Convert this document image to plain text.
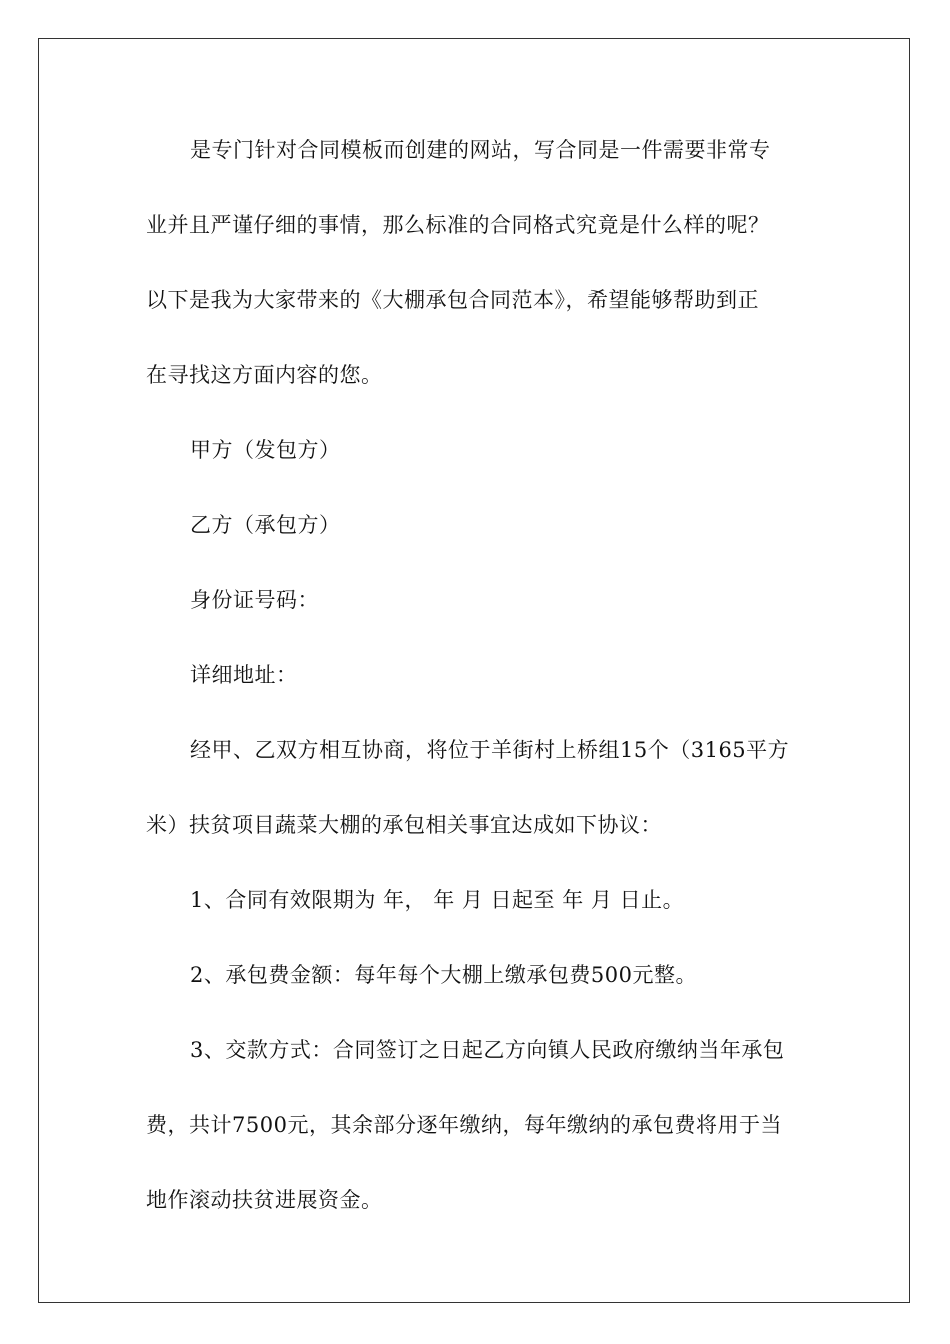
是专门针对合同模板而创建的网站，写合同是一件需要非常专
业并且严谨仔细的事情，那么标准的合同格式究竟是什么样的呢？
以下是我为大家带来的《大棚承包合同范本》，希望能够帮助到正
在寻找这方面内容的您。
甲方（发包方）
乙方（承包方）
身份证号码：
详细地址：
经甲、乙双方相互协商，将位于羊街村上桥组15个（3165平方
米）扶贫项目蔬菜大棚的承包相关事宜达成如下协议：
1、合同有效限期为 年， 年 月 日起至 年 月 日止。
2、承包费金额：每年每个大棚上缴承包费500元整。
3、交款方式：合同签订之日起乙方向镇人民政府缴纳当年承包
费，共计7500元，其余部分逐年缴纳，每年缴纳的承包费将用于当
地作滚动扶贫进展资金。
